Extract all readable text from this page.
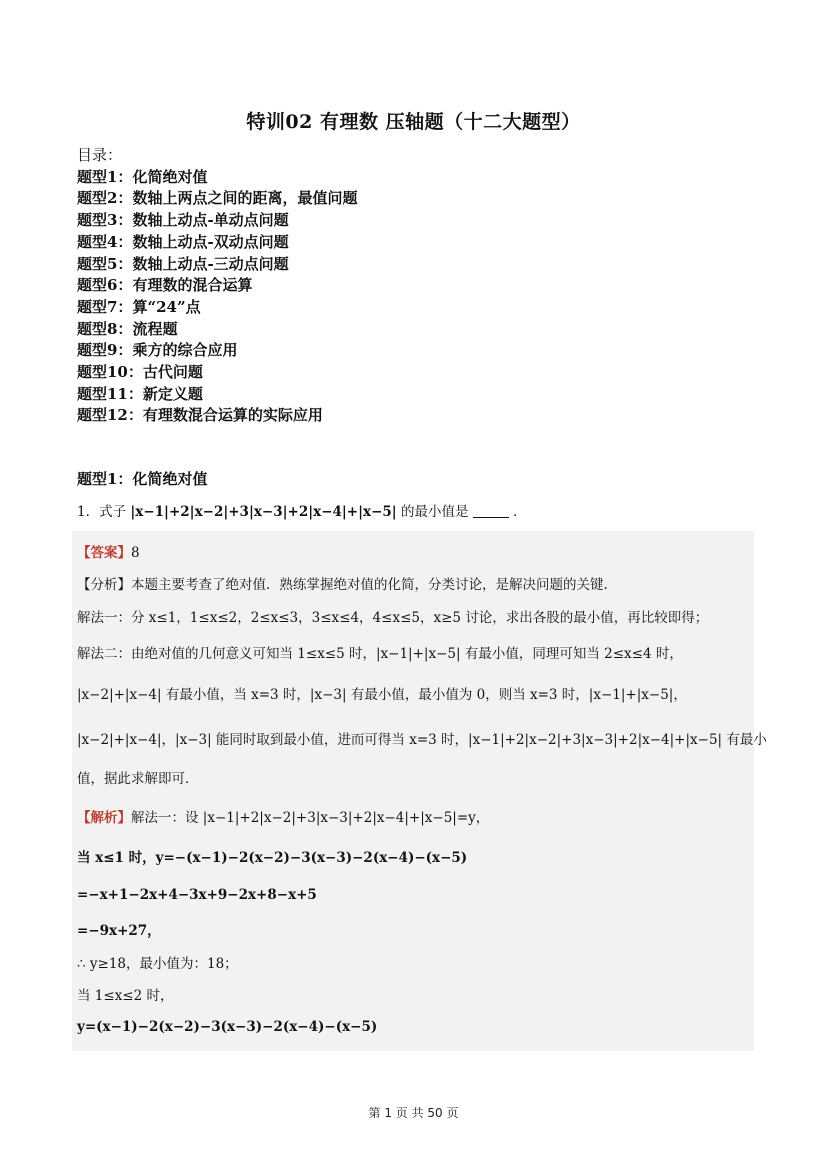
特训02 有理数 压轴题（十二大题型）
目录：
题型1：化简绝对值
题型2：数轴上两点之间的距离，最值问题
题型3：数轴上动点-单动点问题
题型4：数轴上动点-双动点问题
题型5：数轴上动点-三动点问题
题型6：有理数的混合运算
题型7：算“24”点
题型8：流程题
题型9：乘方的综合应用
题型10：古代问题
题型11：新定义题
题型12：有理数混合运算的实际应用
题型1：化简绝对值
1．式子 |x−1|+2|x−2|+3|x−3|+2|x−4|+|x−5| 的最小值是	．
【答案】8
【分析】本题主要考查了绝对值．熟练掌握绝对值的化简，分类讨论，是解决问题的关键．
解法一：分 x≤1，1≤x≤2，2≤x≤3，3≤x≤4，4≤x≤5，x≥5 讨论，求出各股的最小值，再比较即得；
解法二：由绝对值的几何意义可知当 1≤x≤5 时，|x−1|+|x−5| 有最小值，同理可知当 2≤x≤4 时，
|x−2|+|x−4| 有最小值，当 x=3 时，|x−3| 有最小值，最小值为 0，则当 x=3 时，|x−1|+|x−5|，
|x−2|+|x−4|，|x−3| 能同时取到最小值，进而可得当 x=3 时，|x−1|+2|x−2|+3|x−3|+2|x−4|+|x−5| 有最小
值，据此求解即可．
【解析】解法一：设 |x−1|+2|x−2|+3|x−3|+2|x−4|+|x−5|=y，
当 x≤1 时，y=−(x−1)−2(x−2)−3(x−3)−2(x−4)−(x−5)
=−x+1−2x+4−3x+9−2x+8−x+5
=−9x+27，
∴ y≥18，最小值为：18；
当 1≤x≤2 时，
y=(x−1)−2(x−2)−3(x−3)−2(x−4)−(x−5)
第 1 页 共 50 页
